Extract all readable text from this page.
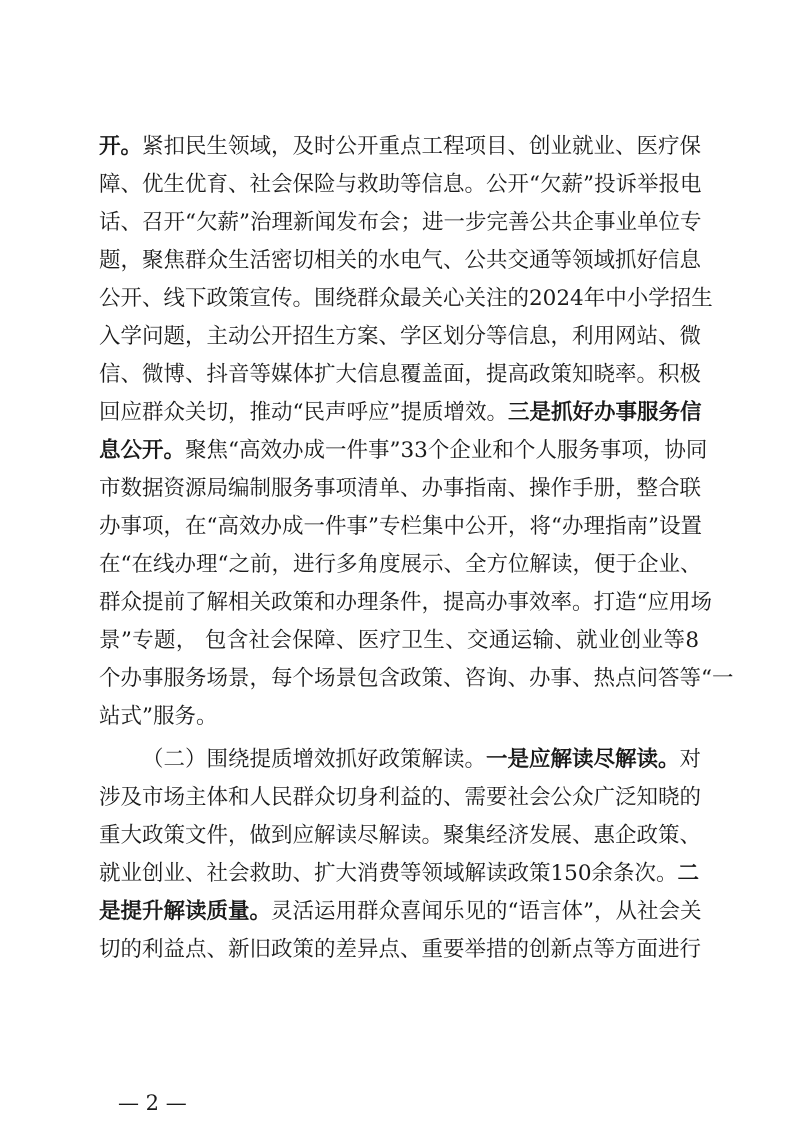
开。紧扣民生领域，及时公开重点工程项目、创业就业、医疗保
障、优生优育、社会保险与救助等信息。公开“欠薪”投诉举报电
话、召开“欠薪”治理新闻发布会；进一步完善公共企事业单位专
题，聚焦群众生活密切相关的水电气、公共交通等领域抓好信息
公开、线下政策宣传。围绕群众最关心关注的2024年中小学招生
入学问题，主动公开招生方案、学区划分等信息，利用网站、微
信、微博、抖音等媒体扩大信息覆盖面，提高政策知晓率。积极
回应群众关切，推动“民声呼应”提质增效。三是抓好办事服务信
息公开。聚焦“高效办成一件事”33个企业和个人服务事项，协同
市数据资源局编制服务事项清单、办事指南、操作手册，整合联
办事项，在“高效办成一件事”专栏集中公开，将“办理指南”设置
在“在线办理“之前，进行多角度展示、全方位解读，便于企业、
群众提前了解相关政策和办理条件，提高办事效率。打造“应用场
景”专题， 包含社会保障、医疗卫生、交通运输、就业创业等8
个办事服务场景，每个场景包含政策、咨询、办事、热点问答等“一
站式”服务。
（二）围绕提质增效抓好政策解读。一是应解读尽解读。对
涉及市场主体和人民群众切身利益的、需要社会公众广泛知晓的
重大政策文件，做到应解读尽解读。聚集经济发展、惠企政策、
就业创业、社会救助、扩大消费等领域解读政策150余条次。二
是提升解读质量。灵活运用群众喜闻乐见的“语言体”，从社会关
切的利益点、新旧政策的差异点、重要举措的创新点等方面进行
— 2 —
